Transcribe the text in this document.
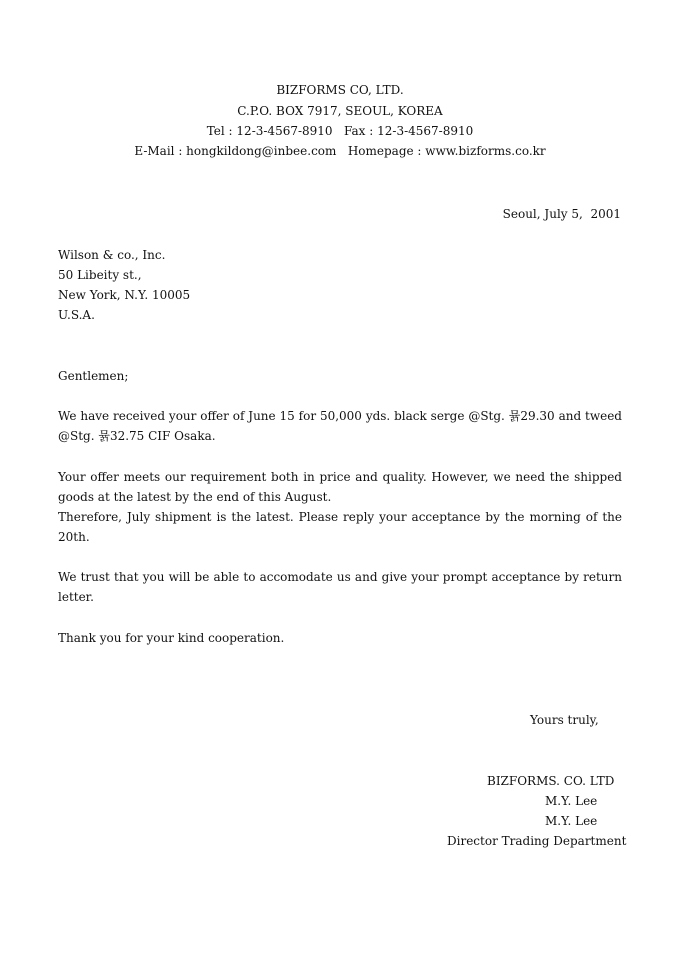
BIZFORMS CO, LTD.
C.P.O. BOX 7917, SEOUL, KOREA
Tel : 12-3-4567-8910   Fax : 12-3-4567-8910
E-Mail : hongkildong@inbee.com   Homepage : www.bizforms.co.kr
Seoul, July 5,  2001
Wilson & co., Inc.
50 Libeity st.,
New York, N.Y. 10005
U.S.A.
Gentlemen;
We have received your offer of June 15 for 50,000 yds. black serge @Stg. 뮭29.30 and tweed @Stg. 뮭32.75 CIF Osaka.
Your offer meets our requirement both in price and quality. However, we need the shipped goods at the latest by the end of this August.
Therefore, July shipment is the latest. Please reply your acceptance by the morning of the 20th.
We trust that you will be able to accomodate us and give your prompt acceptance by return letter.
Thank you for your kind cooperation.
Yours truly,
BIZFORMS. CO. LTD
M.Y. Lee
M.Y. Lee
Director Trading Department
